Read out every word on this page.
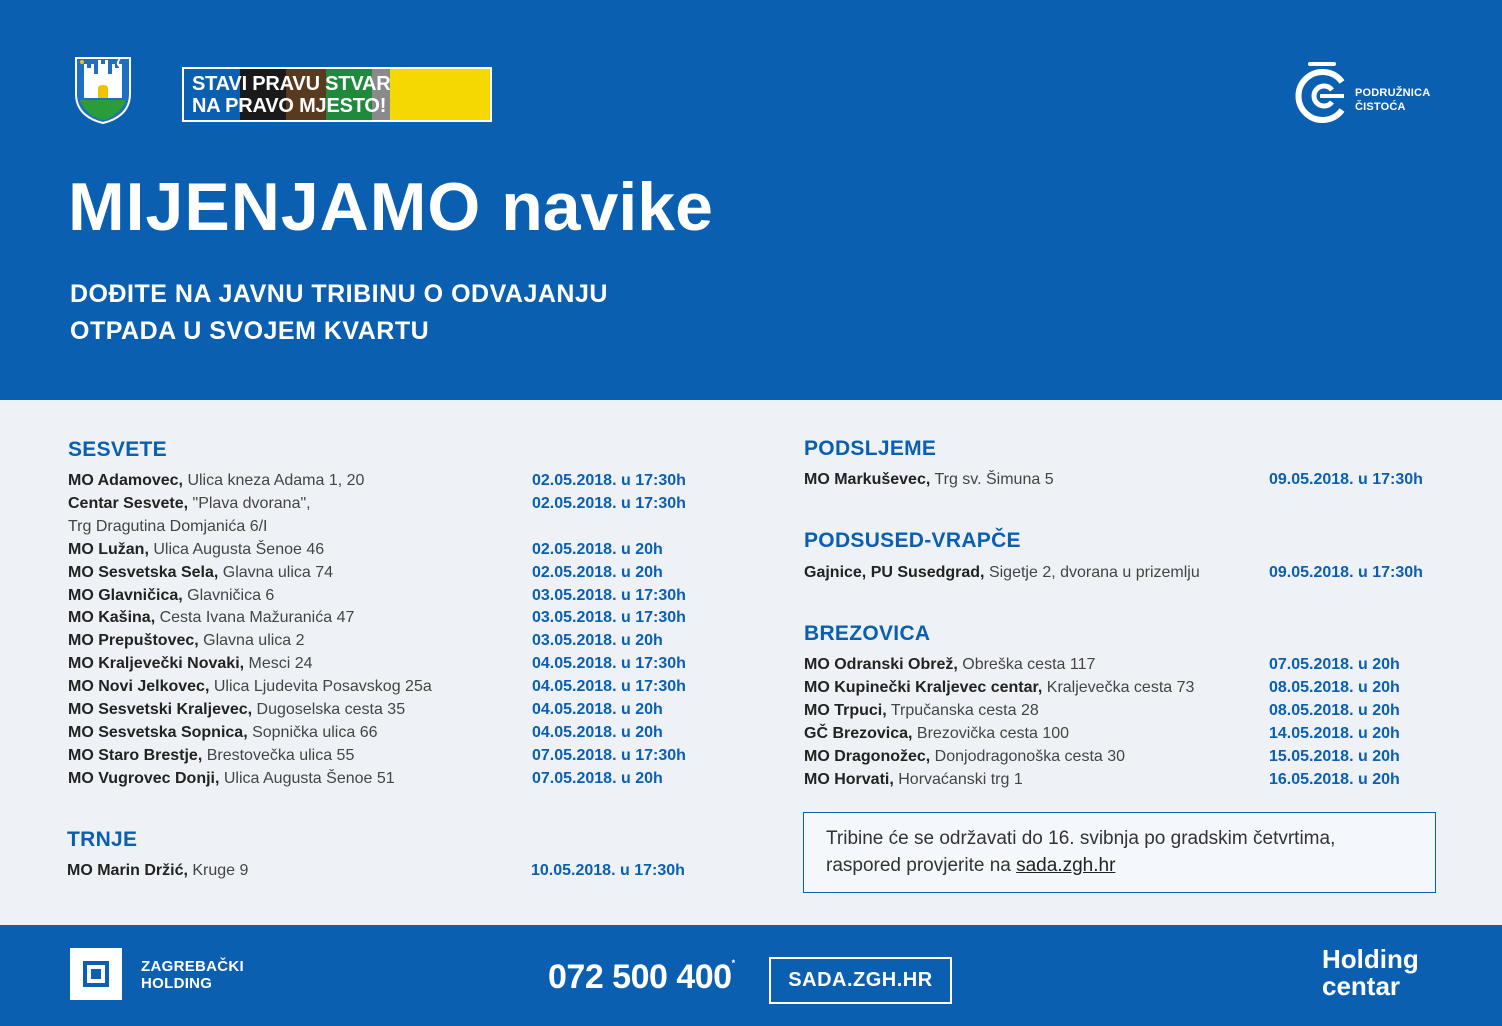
STAVI PRAVU STVAR
NA PRAVO MJESTO!
PODRUŽNICA
ČISTOĆA
MIJENJAMO navike
DOĐITE NA JAVNU TRIBINU O ODVAJANJU
OTPADA U SVOJEM KVARTU
SESVETE
TRNJE
PODSLJEME
PODSUSED-VRAPČE
BREZOVICA
MO Adamovec, Ulica kneza Adama 1, 20	02.05.2018. u 17:30h
Centar Sesvete, "Plava dvorana",	02.05.2018. u 17:30h
Trg Dragutina Domjanića 6/I
MO Lužan, Ulica Augusta Šenoe 46	02.05.2018. u 20h
MO Sesvetska Sela, Glavna ulica 74	02.05.2018. u 20h
MO Glavničica, Glavničica 6	03.05.2018. u 17:30h
MO Kašina, Cesta Ivana Mažuranića 47	03.05.2018. u 17:30h
MO Prepuštovec, Glavna ulica 2	03.05.2018. u 20h
MO Kraljevečki Novaki, Mesci 24	04.05.2018. u 17:30h
MO Novi Jelkovec, Ulica Ljudevita Posavskog 25a	04.05.2018. u 17:30h
MO Sesvetski Kraljevec, Dugoselska cesta 35	04.05.2018. u 20h
MO Sesvetska Sopnica, Sopnička ulica 66	04.05.2018. u 20h
MO Staro Brestje, Brestovečka ulica 55	07.05.2018. u 17:30h
MO Vugrovec Donji, Ulica Augusta Šenoe 51	07.05.2018. u 20h
MO Marin Držić, Kruge 9	10.05.2018. u 17:30h
MO Markuševec, Trg sv. Šimuna 5	09.05.2018. u 17:30h
Gajnice, PU Susedgrad, Sigetje 2, dvorana u prizemlju	09.05.2018. u 17:30h
MO Odranski Obrež, Obreška cesta 117	07.05.2018. u 20h
MO Kupinečki Kraljevec centar, Kraljevečka cesta 73	08.05.2018. u 20h
MO Trpuci, Trpučanska cesta 28	08.05.2018. u 20h
GČ Brezovica, Brezovička cesta 100	14.05.2018. u 20h
MO Dragonožec, Donjodragonoška cesta 30	15.05.2018. u 20h
MO Horvati, Horvaćanski trg 1	16.05.2018. u 20h
Tribine će se održavati do 16. svibnja po gradskim četvrtima,
raspored provjerite na sada.zgh.hr
ZAGREBAČKI
HOLDING	072 500 400*
SADA.ZGH.HR
Holding
centar
